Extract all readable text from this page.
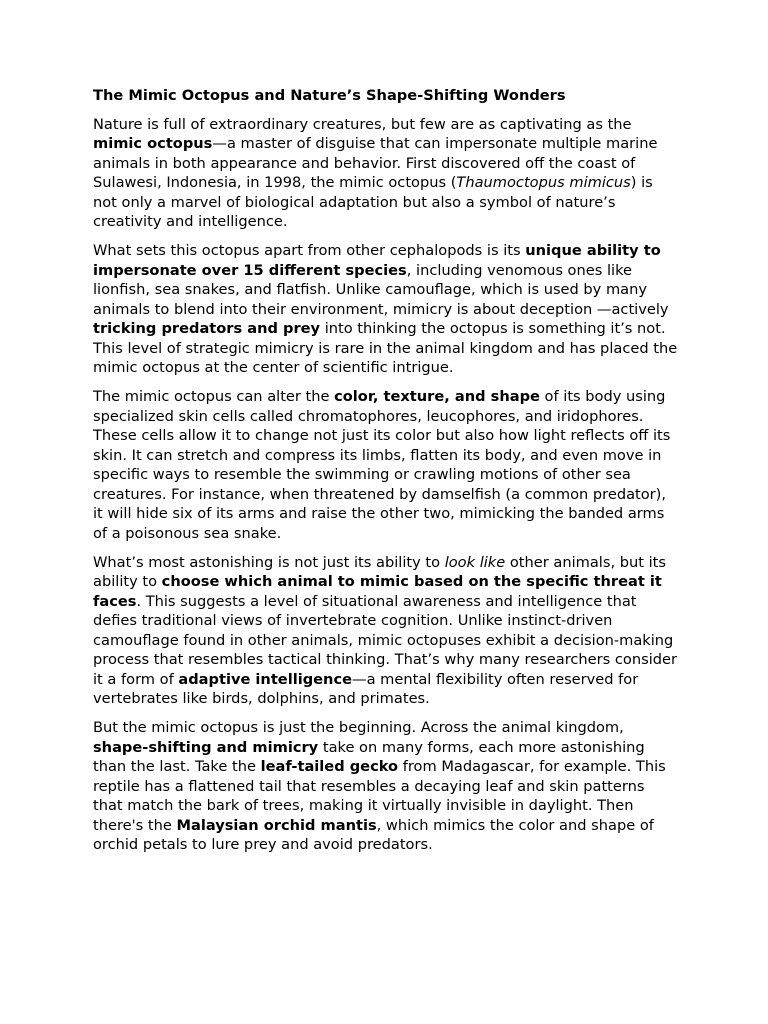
The Mimic Octopus and Nature’s Shape-Shifting Wonders

Nature is full of extraordinary creatures, but few are as captivating as the mimic octopus—a master of disguise that can impersonate multiple marine animals in both appearance and behavior. First discovered off the coast of Sulawesi, Indonesia, in 1998, the mimic octopus (Thaumoctopus mimicus) is not only a marvel of biological adaptation but also a symbol of nature’s creativity and intelligence.

What sets this octopus apart from other cephalopods is its unique ability to impersonate over 15 different species, including venomous ones like lionfish, sea snakes, and flatfish. Unlike camouflage, which is used by many animals to blend into their environment, mimicry is about deception —actively tricking predators and prey into thinking the octopus is something it’s not. This level of strategic mimicry is rare in the animal kingdom and has placed the mimic octopus at the center of scientific intrigue.

The mimic octopus can alter the color, texture, and shape of its body using specialized skin cells called chromatophores, leucophores, and iridophores. These cells allow it to change not just its color but also how light reflects off its skin. It can stretch and compress its limbs, flatten its body, and even move in specific ways to resemble the swimming or crawling motions of other sea creatures. For instance, when threatened by damselfish (a common predator), it will hide six of its arms and raise the other two, mimicking the banded arms of a poisonous sea snake.

What’s most astonishing is not just its ability to look like other animals, but its ability to choose which animal to mimic based on the specific threat it faces. This suggests a level of situational awareness and intelligence that defies traditional views of invertebrate cognition. Unlike instinct-driven camouflage found in other animals, mimic octopuses exhibit a decision-making process that resembles tactical thinking. That’s why many researchers consider it a form of adaptive intelligence—a mental flexibility often reserved for vertebrates like birds, dolphins, and primates.

But the mimic octopus is just the beginning. Across the animal kingdom, shape-shifting and mimicry take on many forms, each more astonishing than the last. Take the leaf-tailed gecko from Madagascar, for example. This reptile has a flattened tail that resembles a decaying leaf and skin patterns that match the bark of trees, making it virtually invisible in daylight. Then there's the Malaysian orchid mantis, which mimics the color and shape of orchid petals to lure prey and avoid predators.
